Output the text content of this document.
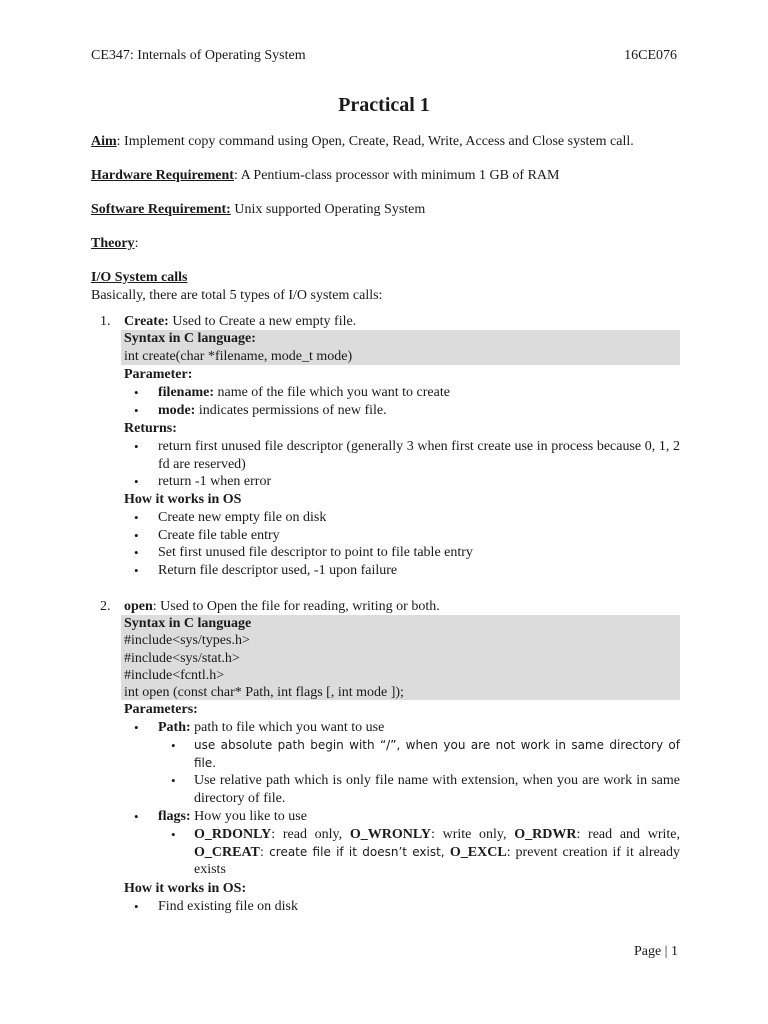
CE347: Internals of Operating System	16CE076
Practical 1
Aim: Implement copy command using Open, Create, Read, Write, Access and Close system call.
Hardware Requirement: A Pentium-class processor with minimum 1 GB of RAM
Software Requirement: Unix supported Operating System
Theory:
I/O System calls
Basically, there are total 5 types of I/O system calls:
1. Create: Used to Create a new empty file.
Syntax in C language:
int create(char *filename, mode_t mode)
Parameter:
• filename: name of the file which you want to create
• mode: indicates permissions of new file.
Returns:
• return first unused file descriptor (generally 3 when first create use in process because 0, 1, 2 fd are reserved)
• return -1 when error
How it works in OS
• Create new empty file on disk
• Create file table entry
• Set first unused file descriptor to point to file table entry
• Return file descriptor used, -1 upon failure
2. open: Used to Open the file for reading, writing or both.
Syntax in C language
#include<sys/types.h>
#include<sys/stat.h>
#include<fcntl.h>
int open (const char* Path, int flags [, int mode ]);
Parameters:
• Path: path to file which you want to use
• use absolute path begin with “/”, when you are not work in same directory of file.
• Use relative path which is only file name with extension, when you are work in same directory of file.
• flags: How you like to use
• O_RDONLY: read only, O_WRONLY: write only, O_RDWR: read and write, O_CREAT: create file if it doesn’t exist, O_EXCL: prevent creation if it already exists
How it works in OS:
• Find existing file on disk
Page | 1
